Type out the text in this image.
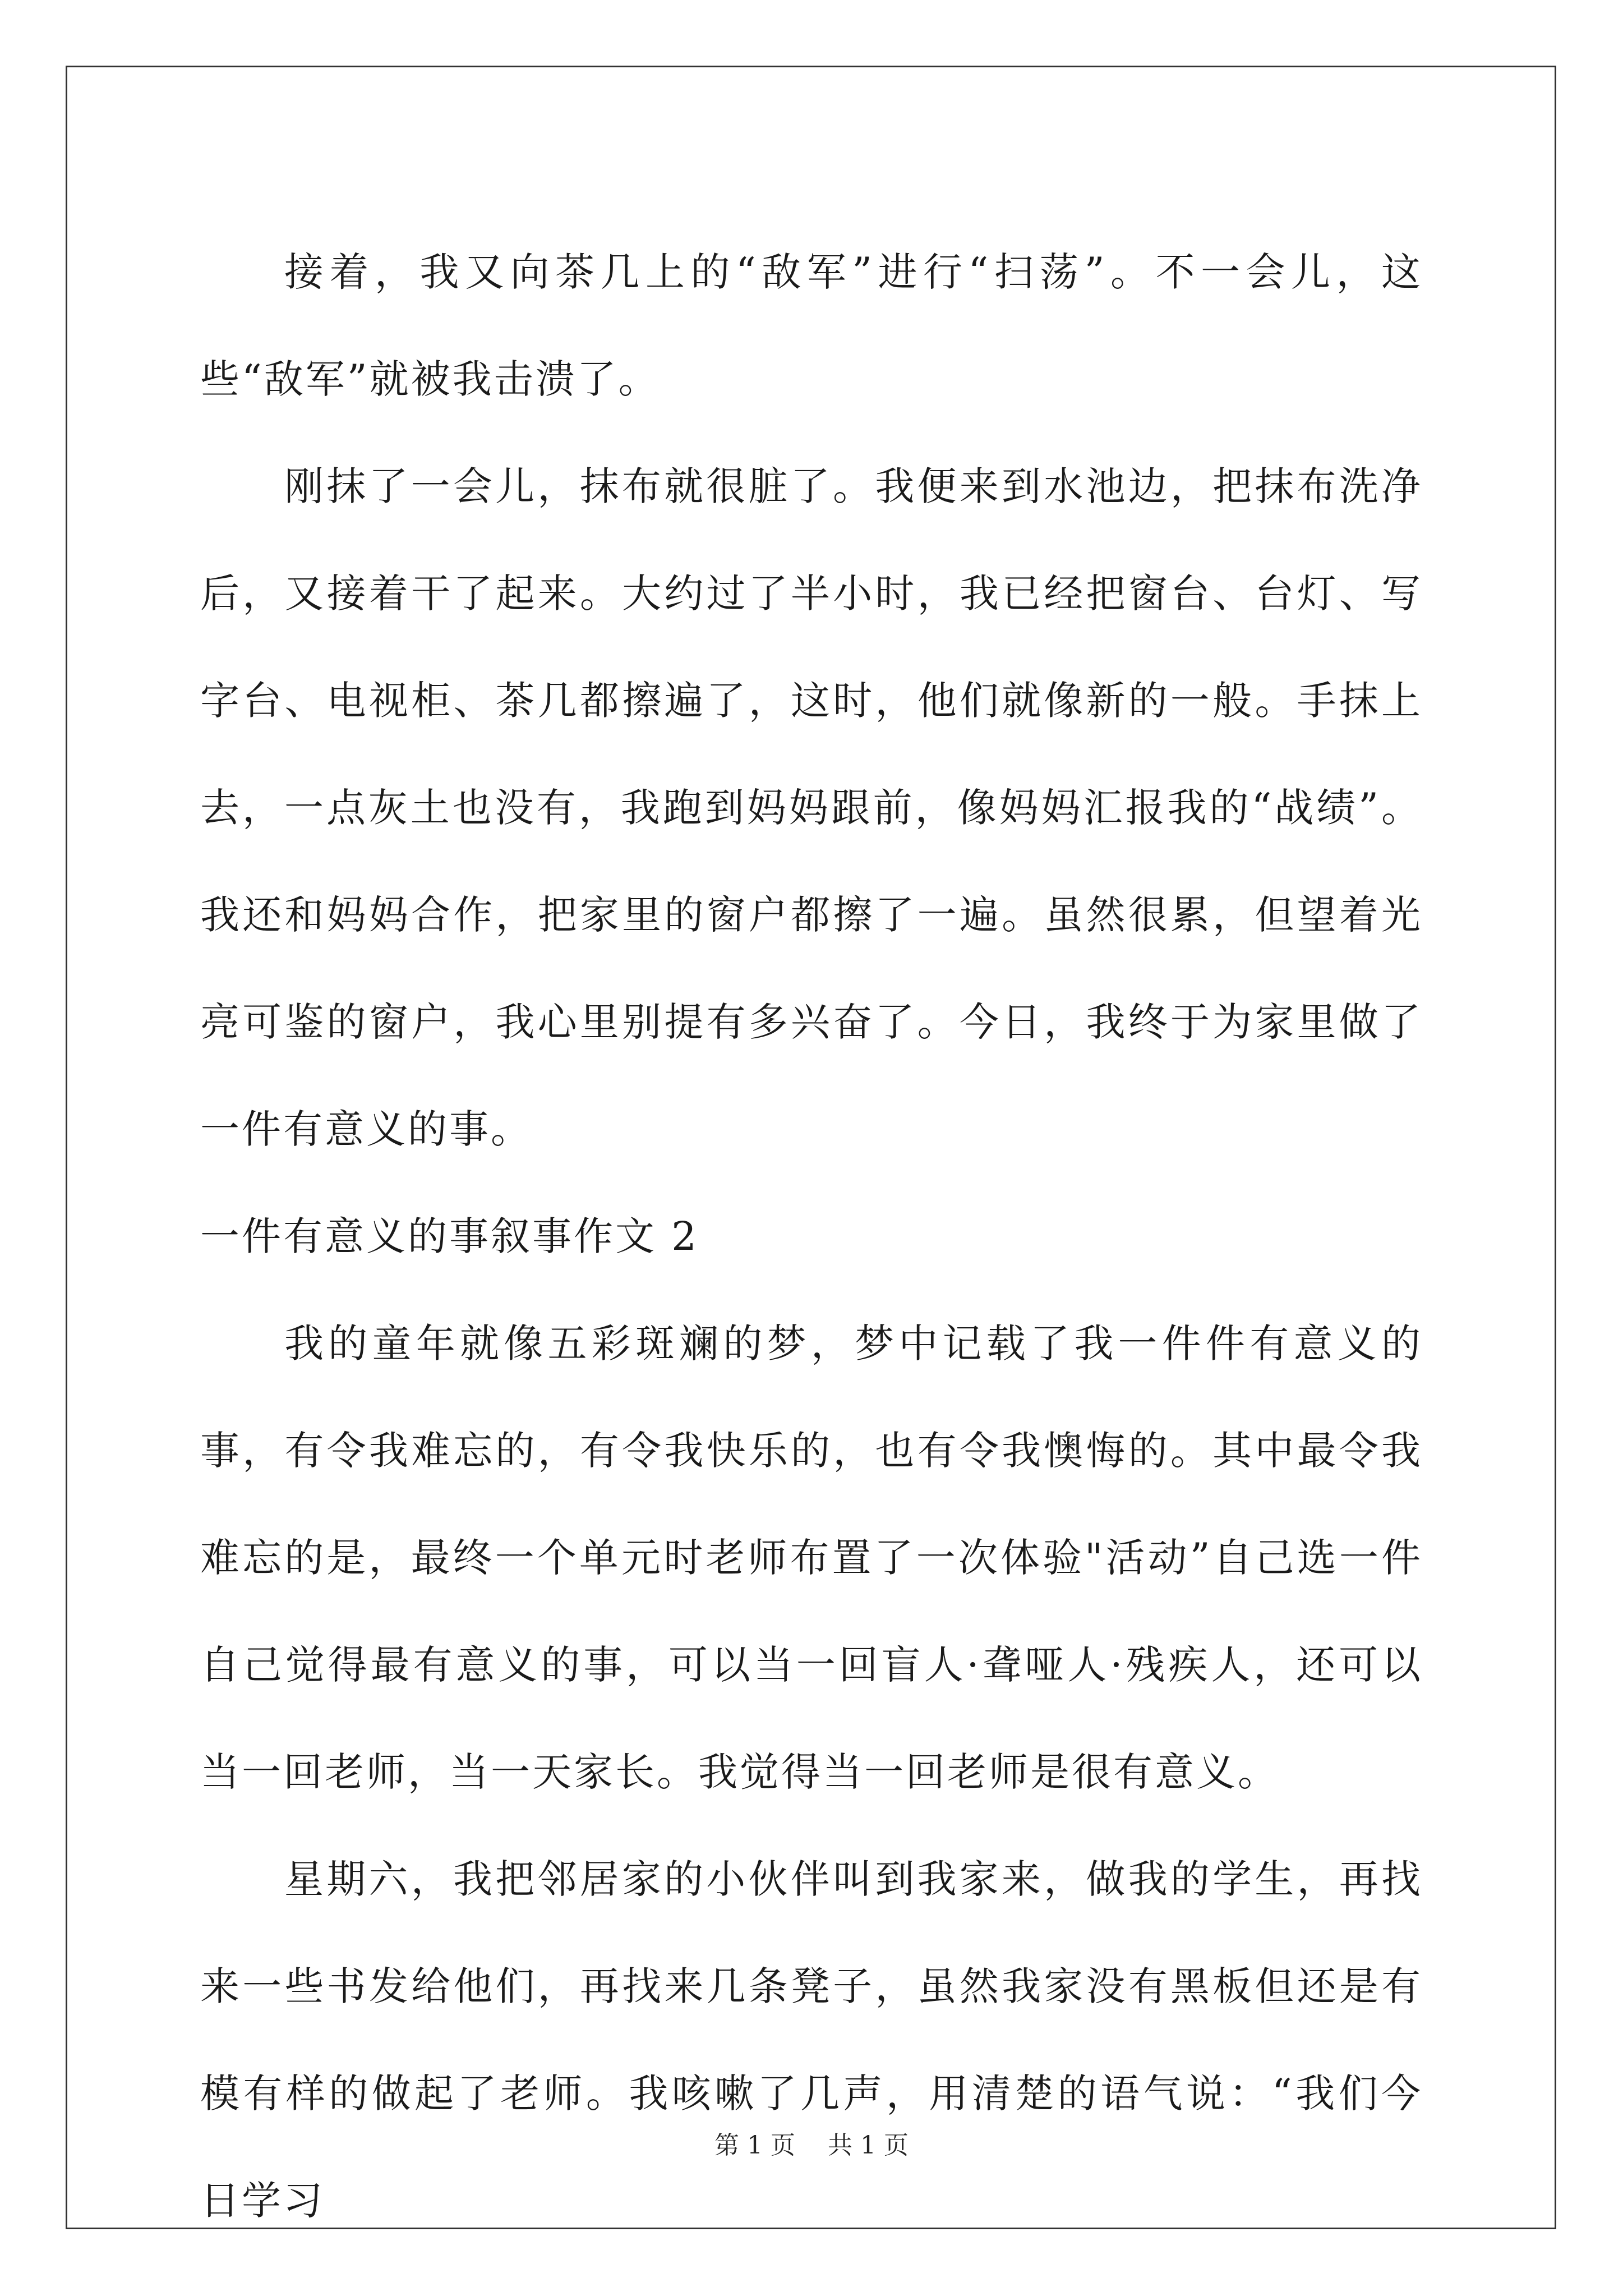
接着，我又向茶几上的“敌军”进行“扫荡”。不一会儿，这些“敌军”就被我击溃了。

刚抹了一会儿，抹布就很脏了。我便来到水池边，把抹布洗净后，又接着干了起来。大约过了半小时，我已经把窗台、台灯、写字台、电视柜、茶几都擦遍了，这时，他们就像新的一般。手抹上去，一点灰土也没有，我跑到妈妈跟前，像妈妈汇报我的“战绩”。我还和妈妈合作，把家里的窗户都擦了一遍。虽然很累，但望着光亮可鉴的窗户，我心里别提有多兴奋了。今日，我终于为家里做了一件有意义的事。

一件有意义的事叙事作文 2

我的童年就像五彩斑斓的梦，梦中记载了我一件件有意义的事，有令我难忘的，有令我快乐的，也有令我懊悔的。其中最令我难忘的是，最终一个单元时老师布置了一次体验"活动”自己选一件自己觉得最有意义的事，可以当一回盲人·聋哑人·残疾人，还可以当一回老师，当一天家长。我觉得当一回老师是很有意义。

星期六，我把邻居家的小伙伴叫到我家来，做我的学生，再找来一些书发给他们，再找来几条凳子，虽然我家没有黑板但还是有模有样的做起了老师。我咳嗽了几声，用清楚的语气说：“我们今日学习

第 1 页 共 1 页
